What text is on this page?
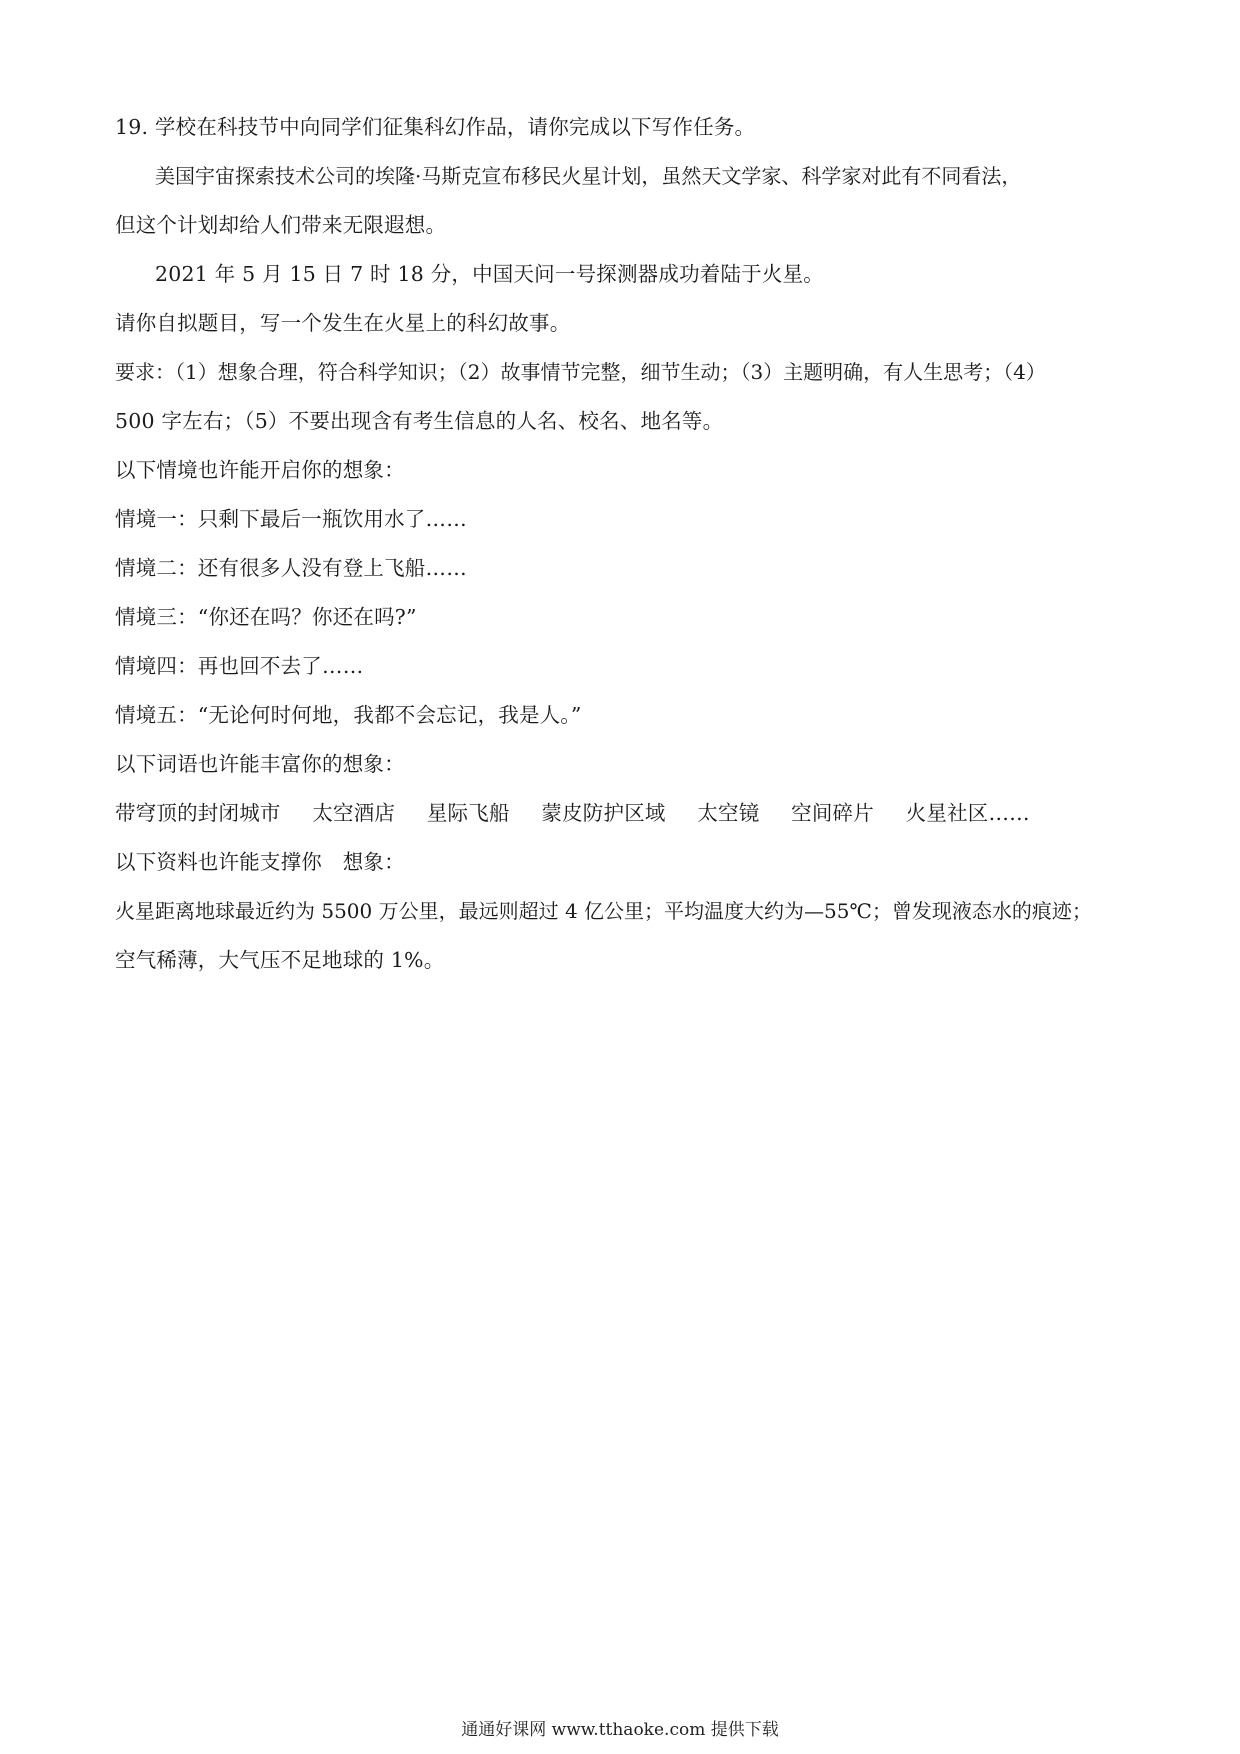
19. 学校在科技节中向同学们征集科幻作品，请你完成以下写作任务。
美国宇宙探索技术公司的埃隆·马斯克宣布移民火星计划，虽然天文学家、科学家对此有不同看法，
但这个计划却给人们带来无限遐想。
2021 年 5 月 15 日 7 时 18 分，中国天问一号探测器成功着陆于火星。
请你自拟题目，写一个发生在火星上的科幻故事。
要求：（1）想象合理，符合科学知识；（2）故事情节完整，细节生动；（3）主题明确，有人生思考；（4）
500 字左右；（5）不要出现含有考生信息的人名、校名、地名等。
以下情境也许能开启你的想象：
情境一：只剩下最后一瓶饮用水了……
情境二：还有很多人没有登上飞船……
情境三：“你还在吗？你还在吗?”
情境四：再也回不去了……
情境五：“无论何时何地，我都不会忘记，我是人。”
以下词语也许能丰富你的想象：
带穹顶的封闭城市 太空酒店 星际飞船 蒙皮防护区域 太空镜 空间碎片 火星社区……
以下资料也许能支撑你　想象：
火星距离地球最近约为 5500 万公里，最远则超过 4 亿公里；平均温度大约为—55℃；曾发现液态水的痕迹；
空气稀薄，大气压不足地球的 1%。
通通好课网 www.tthaoke.com 提供下载
